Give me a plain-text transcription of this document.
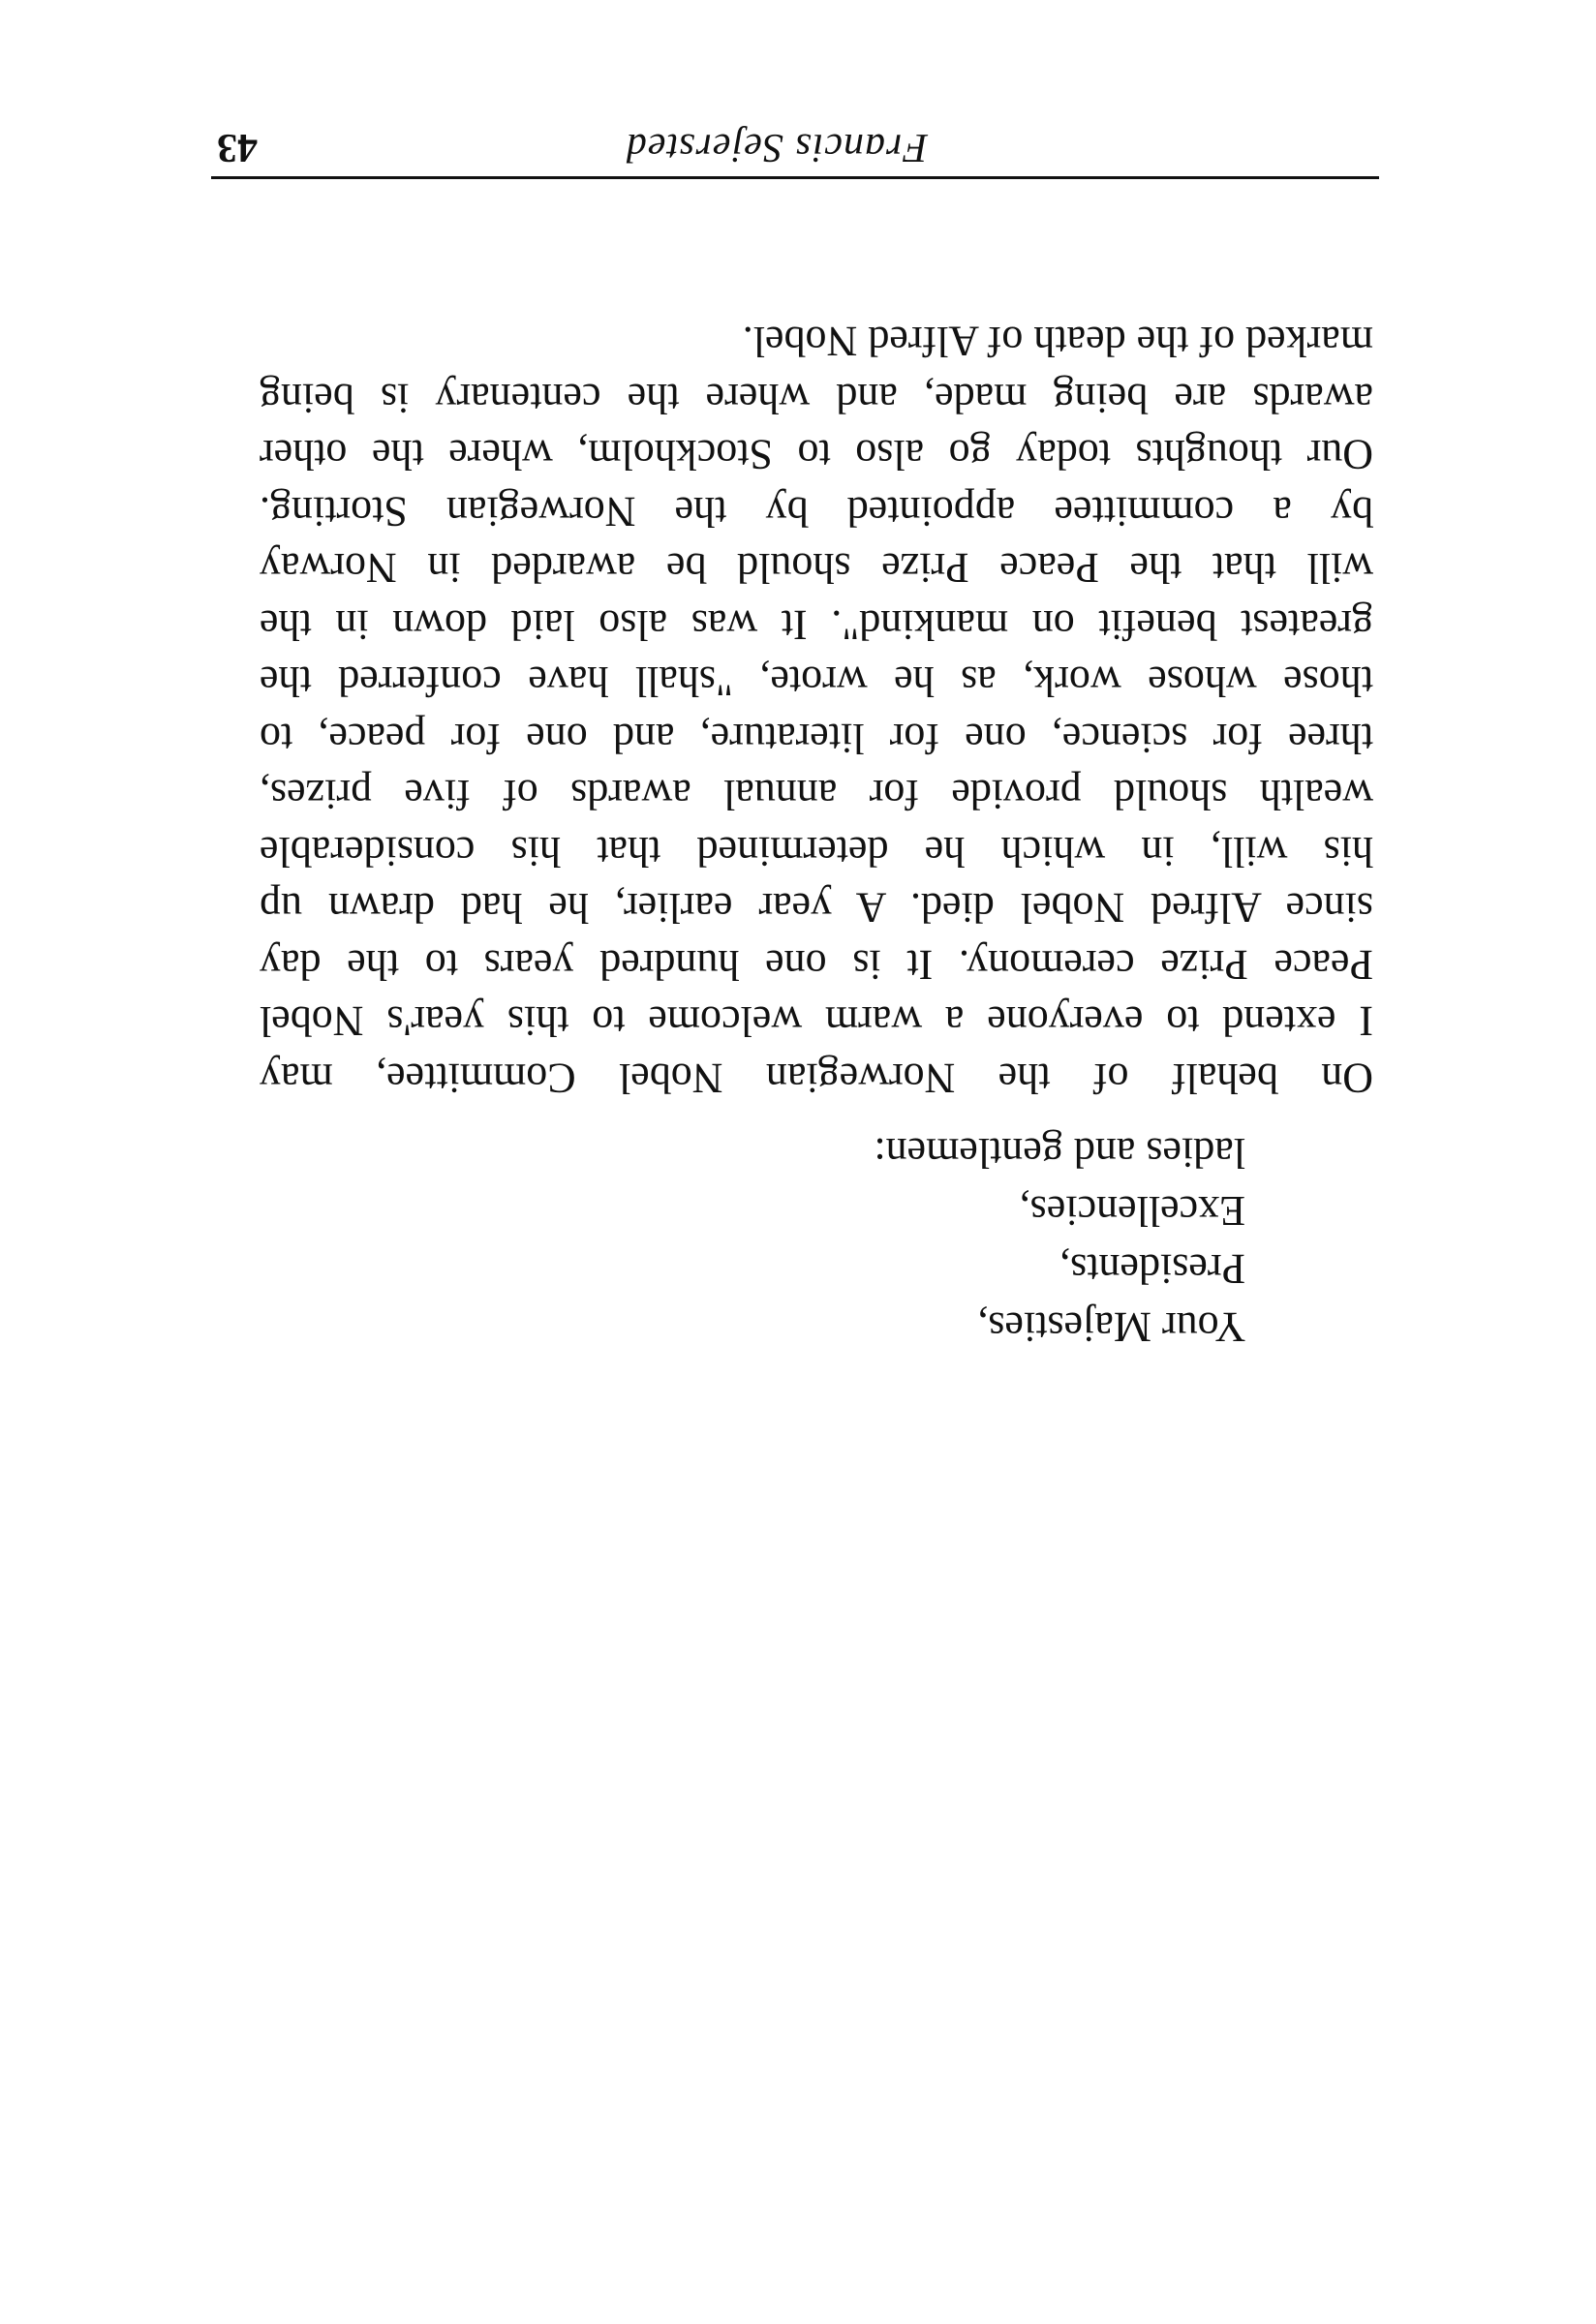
Your Majesties,
Presidents,
Excellencies,
ladies and gentlemen:
On behalf of the Norwegian Nobel Committee, may
I extend to everyone a warm welcome to this year's Nobel
Peace Prize ceremony. It is one hundred years to the day
since Alfred Nobel died. A year earlier, he had drawn up
his will, in which he determined that his considerable
wealth should provide for annual awards of five prizes,
three for science, one for literature, and one for peace, to
those whose work, as he wrote, "shall have conferred the
greatest benefit on mankind". It was also laid down in the
will that the Peace Prize should be awarded in Norway
by a committee appointed by the Norwegian Storting.
Our thoughts today go also to Stockholm, where the other
awards are being made, and where the centenary is being
marked of the death of Alfred Nobel.
Francis Sejersted
43
